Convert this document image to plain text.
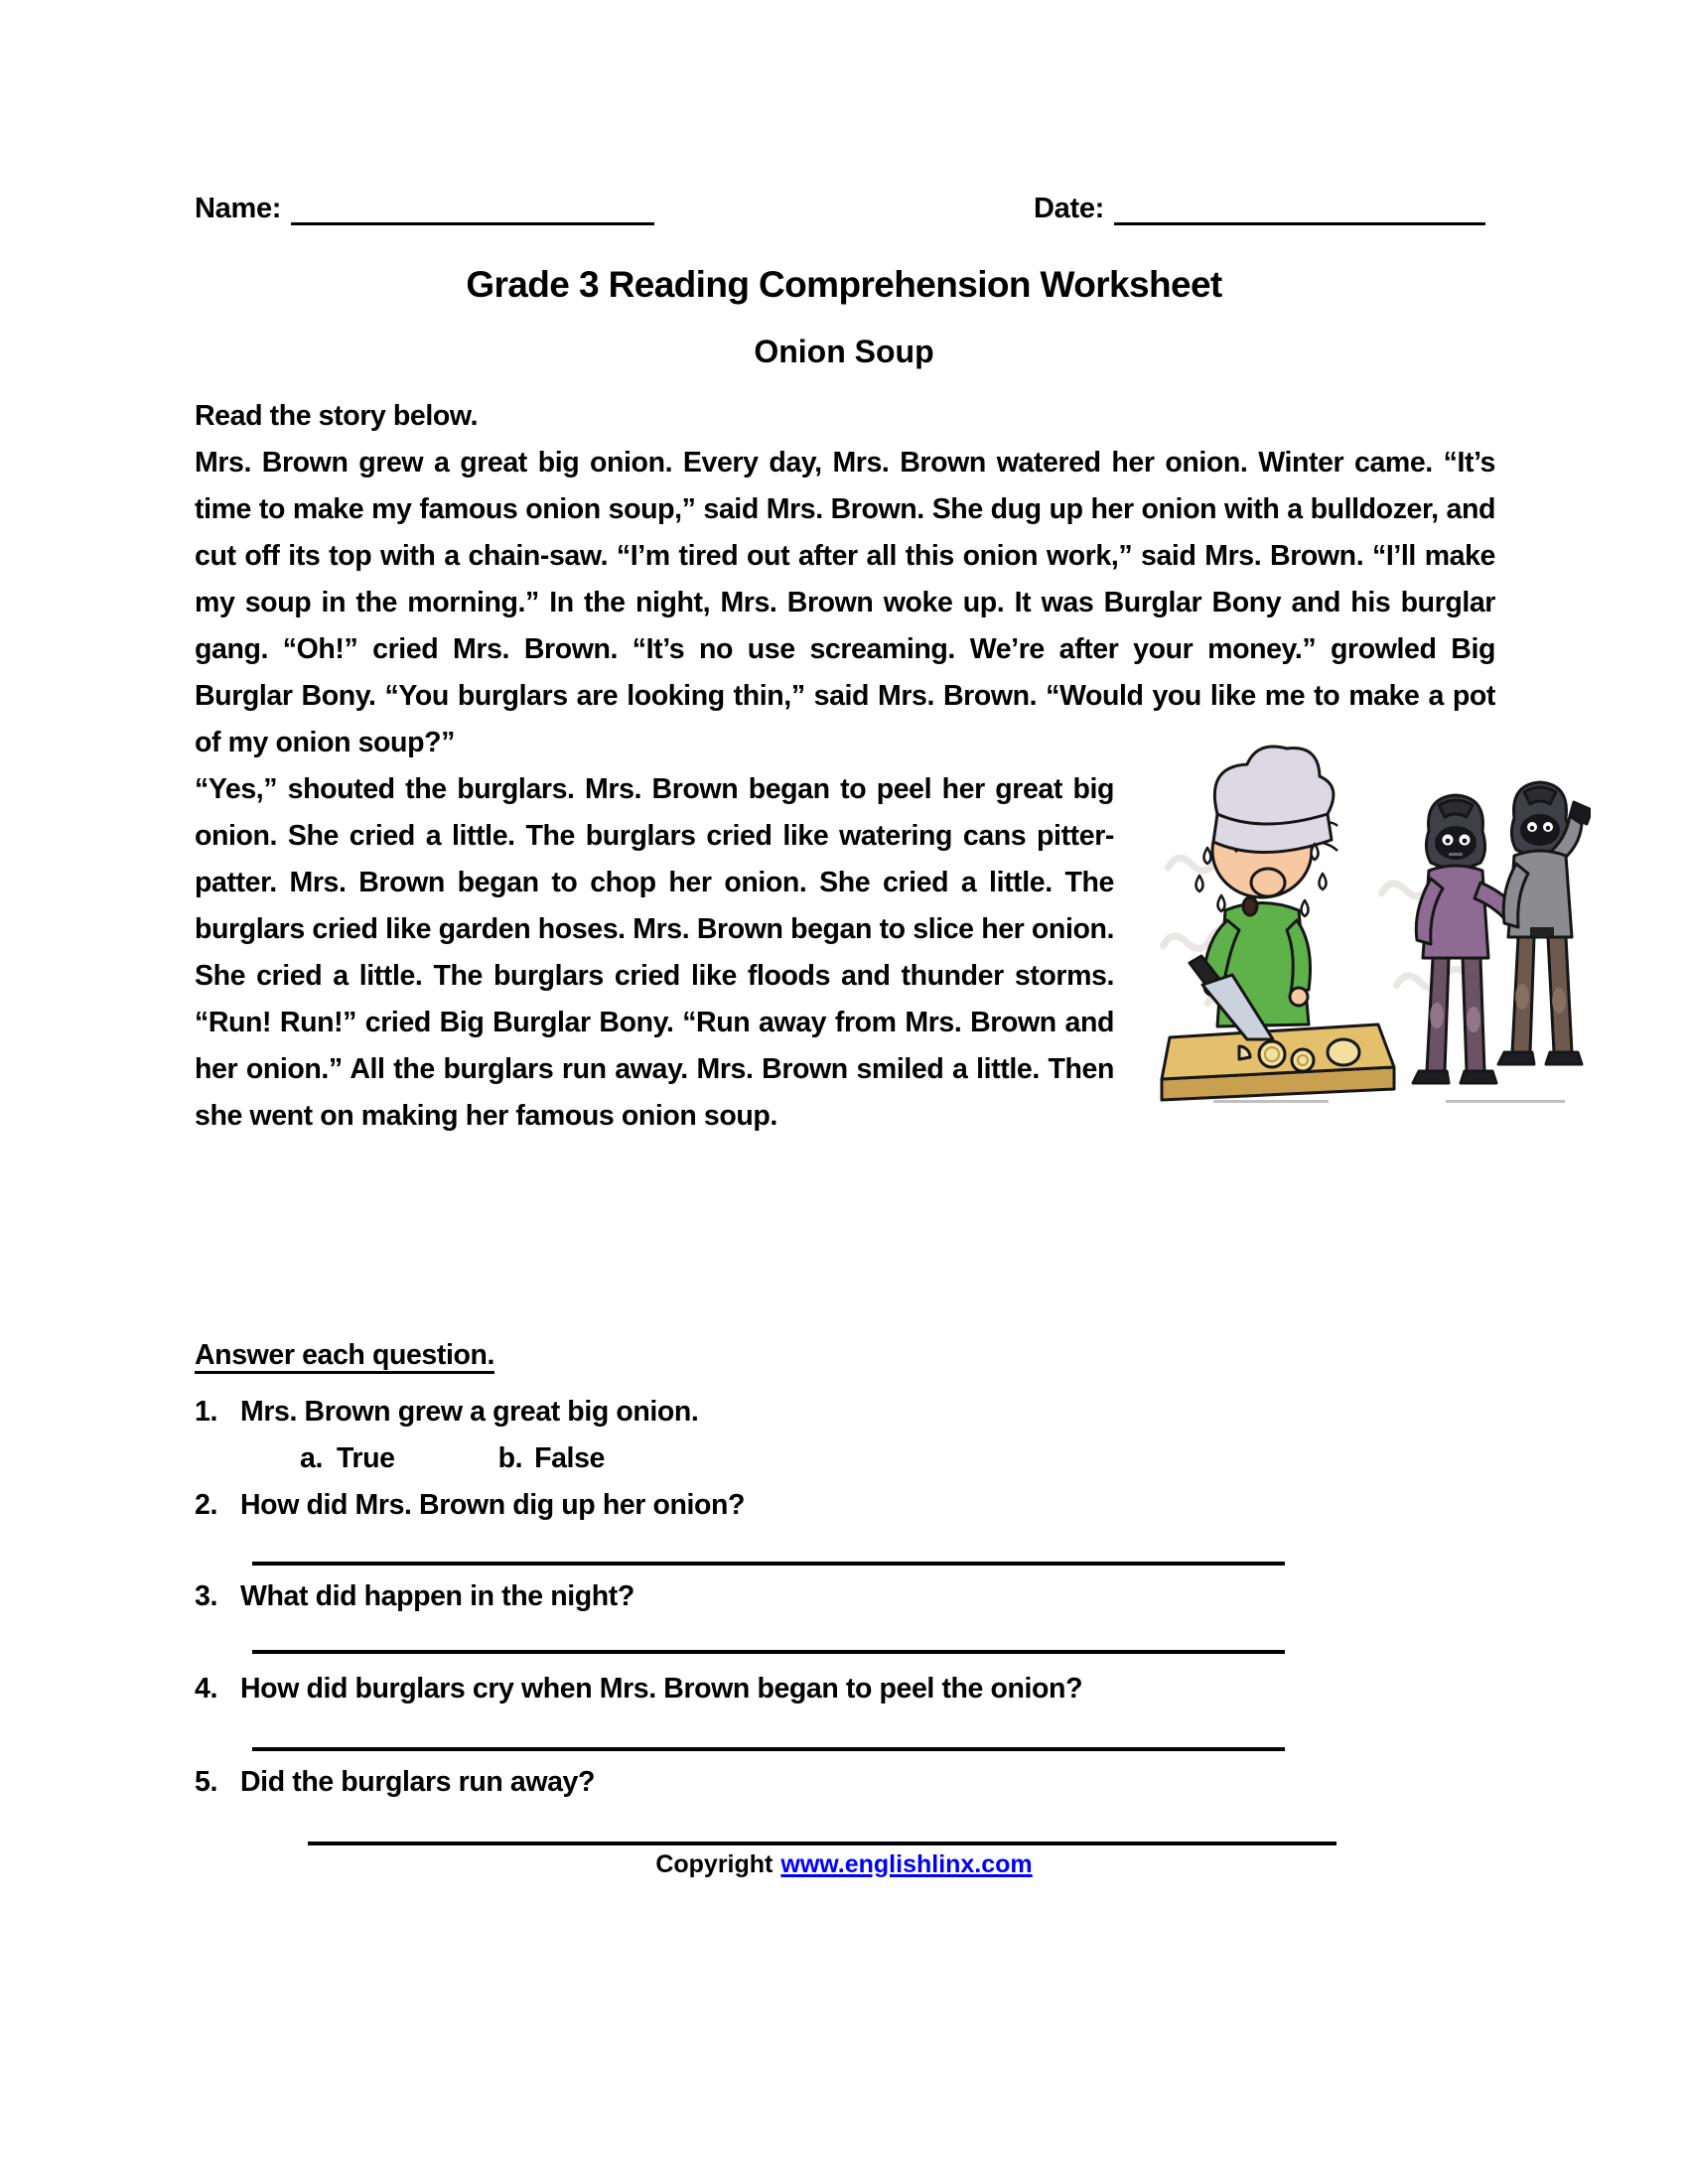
Name:	Date:
Grade 3 Reading Comprehension Worksheet
Onion Soup

Read the story below.

Mrs. Brown grew a great big onion. Every day, Mrs. Brown watered her onion. Winter came. “It’s time to make my famous onion soup,” said Mrs. Brown. She dug up her onion with a bulldozer, and cut off its top with a chain-saw. “I’m tired out after all this onion work,” said Mrs. Brown. “I’ll make my soup in the morning.” In the night, Mrs. Brown woke up. It was Burglar Bony and his burglar gang. “Oh!” cried Mrs. Brown. “It’s no use screaming. We’re after your money.” growled Big Burglar Bony. “You burglars are looking thin,” said Mrs. Brown. “Would you like me to make a pot of my onion soup?”

“Yes,” shouted the burglars. Mrs. Brown began to peel her great big onion. She cried a little. The burglars cried like watering cans pitter-patter. Mrs. Brown began to chop her onion. She cried a little. The burglars cried like garden hoses. Mrs. Brown began to slice her onion. She cried a little. The burglars cried like floods and thunder storms. “Run! Run!” cried Big Burglar Bony. “Run away from Mrs. Brown and her onion.” All the burglars run away. Mrs. Brown smiled a little. Then she went on making her famous onion soup.

Answer each question.

1. Mrs. Brown grew a great big onion.
a. True	b. False
2. How did Mrs. Brown dig up her onion?
3. What did happen in the night?
4. How did burglars cry when Mrs. Brown began to peel the onion?
5. Did the burglars run away?
Copyright www.englishlinx.com
